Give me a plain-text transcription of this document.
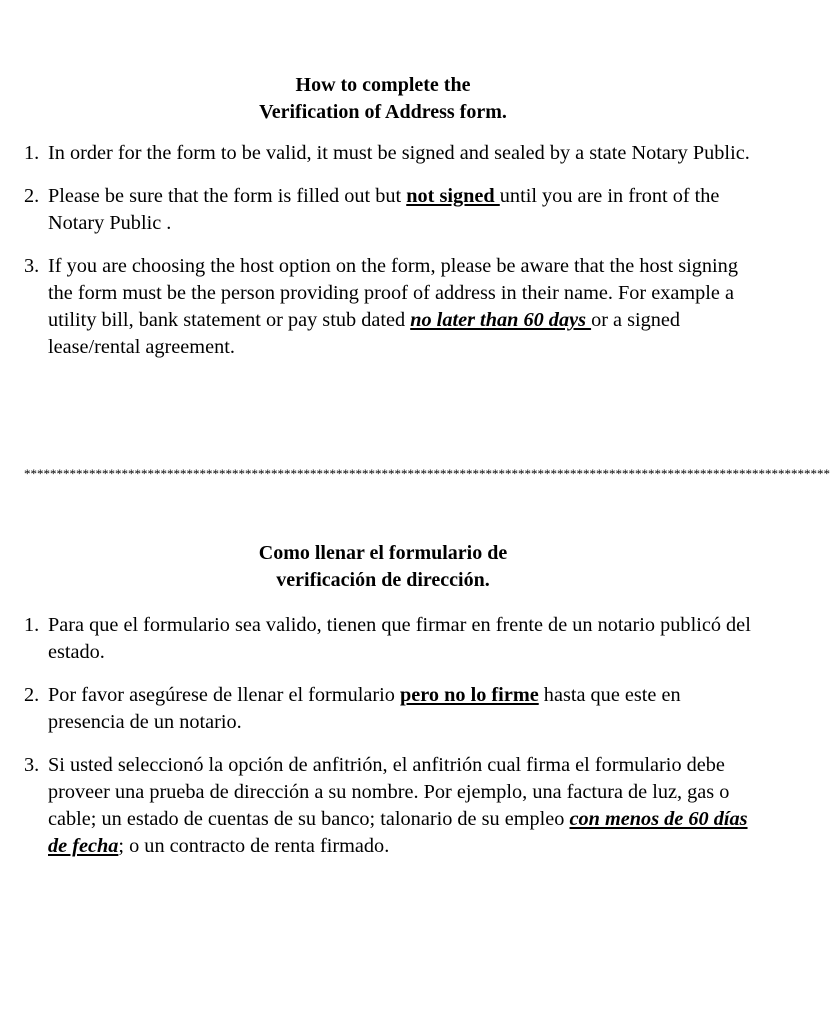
How to complete the
Verification of Address form.
1. In order for the form to be valid, it must be signed and sealed by a state Notary Public.
2. Please be sure that the form is filled out but not signed until you are in front of the Notary Public .
3. If you are choosing the host option on the form, please be aware that the host signing the form must be the person providing proof of address in their name. For example a utility bill, bank statement or pay stub dated no later than 60 days or a signed lease/rental agreement.
****************************************************************************************************************************
Como llenar el formulario de
verificación de dirección.
1. Para que el formulario sea valido, tienen que firmar en frente de un notario publicó del estado.
2. Por favor asegúrese de llenar el formulario pero no lo firme hasta que este en presencia de un notario.
3. Si usted seleccionó la opción de anfitrión, el anfitrión cual firma el formulario debe proveer una prueba de dirección a su nombre. Por ejemplo, una factura de luz, gas o cable; un estado de cuentas de su banco; talonario de su empleo con menos de 60 días de fecha; o un contracto de renta firmado.
